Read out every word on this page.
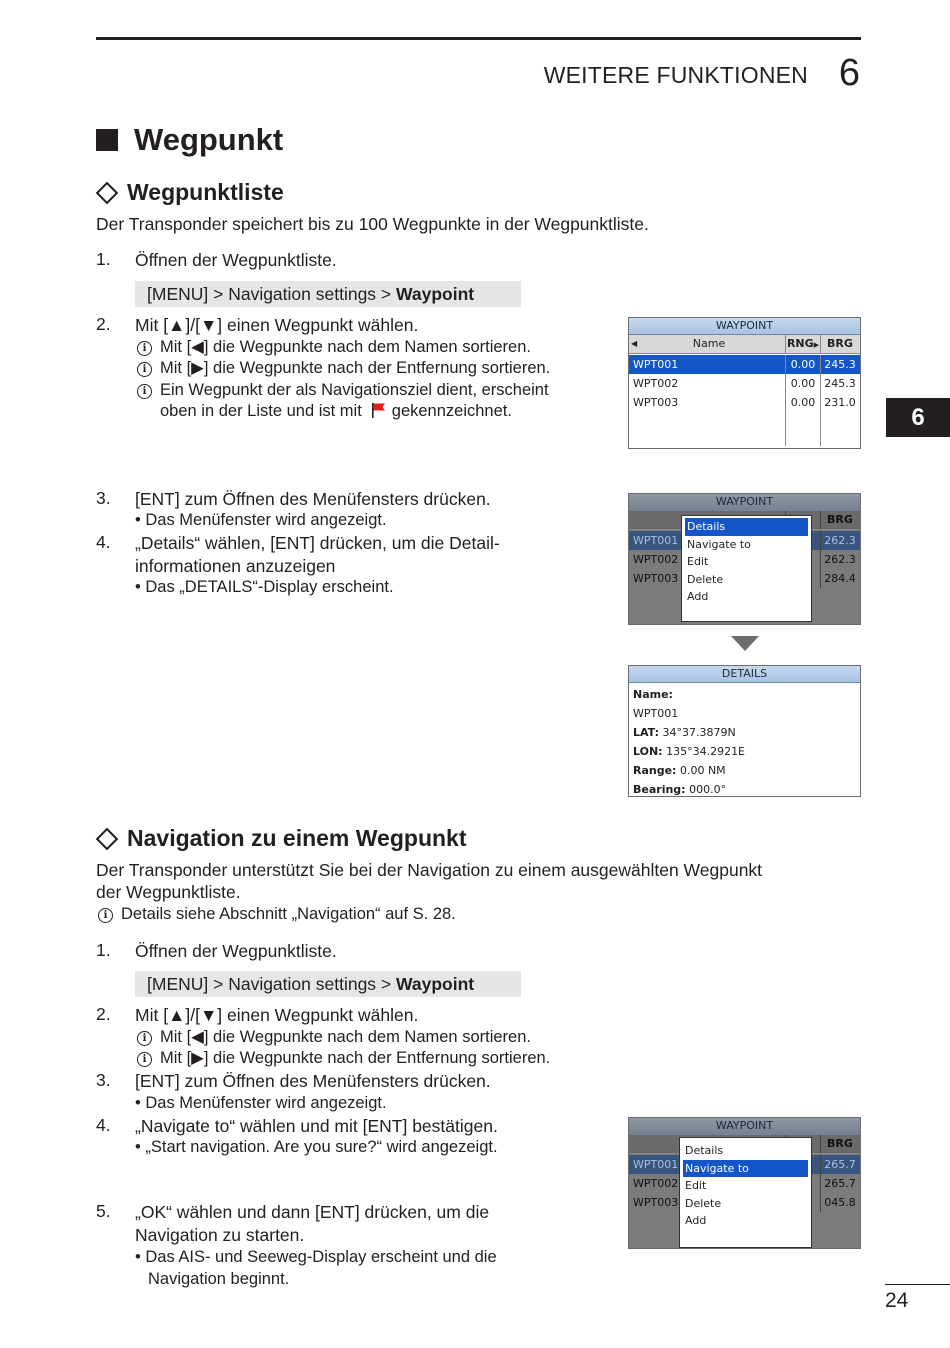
WEITERE FUNKTIONEN 6
Wegpunkt
Wegpunktliste
Der Transponder speichert bis zu 100 Wegpunkte in der Wegpunktliste.
1. Öffnen der Wegpunktliste.
[MENU] > Navigation settings > Waypoint
2. Mit [▲]/[▼] einen Wegpunkt wählen.
i Mit [◀] die Wegpunkte nach dem Namen sortieren.
i Mit [▶] die Wegpunkte nach der Entfernung sortieren.
i Ein Wegpunkt der als Navigationsziel dient, erscheint
oben in der Liste und ist mit gekennzeichnet.
3. [ENT] zum Öffnen des Menüfensters drücken.
• Das Menüfenster wird angezeigt.
4. „Details“ wählen, [ENT] drücken, um die Detail-
informationen anzuzeigen
• Das „DETAILS“-Display erscheint.
WAYPOINT
◀	Name	RNG▶ BRG
WPT001	0.00 245.3
WPT002	0.00 245.3
WPT003	0.00 231.0
6
WAYPOINT
BRG
WPT001	262.3
WPT002	262.3
WPT003	284.4
Details
Navigate to
Edit
Delete
Add
DETAILS
Name:
WPT001
LAT: 34°37.3879N
LON: 135°34.2921E
Range: 0.00 NM
Bearing: 000.0°
Navigation zu einem Wegpunkt
Der Transponder unterstützt Sie bei der Navigation zu einem ausgewählten Wegpunkt
der Wegpunktliste.
i Details siehe Abschnitt „Navigation“ auf S. 28.
1. Öffnen der Wegpunktliste.
[MENU] > Navigation settings > Waypoint
2. Mit [▲]/[▼] einen Wegpunkt wählen.
i Mit [◀] die Wegpunkte nach dem Namen sortieren.
i Mit [▶] die Wegpunkte nach der Entfernung sortieren.
3. [ENT] zum Öffnen des Menüfensters drücken.
• Das Menüfenster wird angezeigt.
4. „Navigate to“ wählen und mit [ENT] bestätigen.
• „Start navigation. Are you sure?“ wird angezeigt.
5. „OK“ wählen und dann [ENT] drücken, um die
Navigation zu starten.
• Das AIS- und Seeweg-Display erscheint und die
Navigation beginnt.
WAYPOINT
BRG
WPT001	265.7
WPT002	265.7
WPT003	045.8
Details
Navigate to
Edit
Delete
Add
24
